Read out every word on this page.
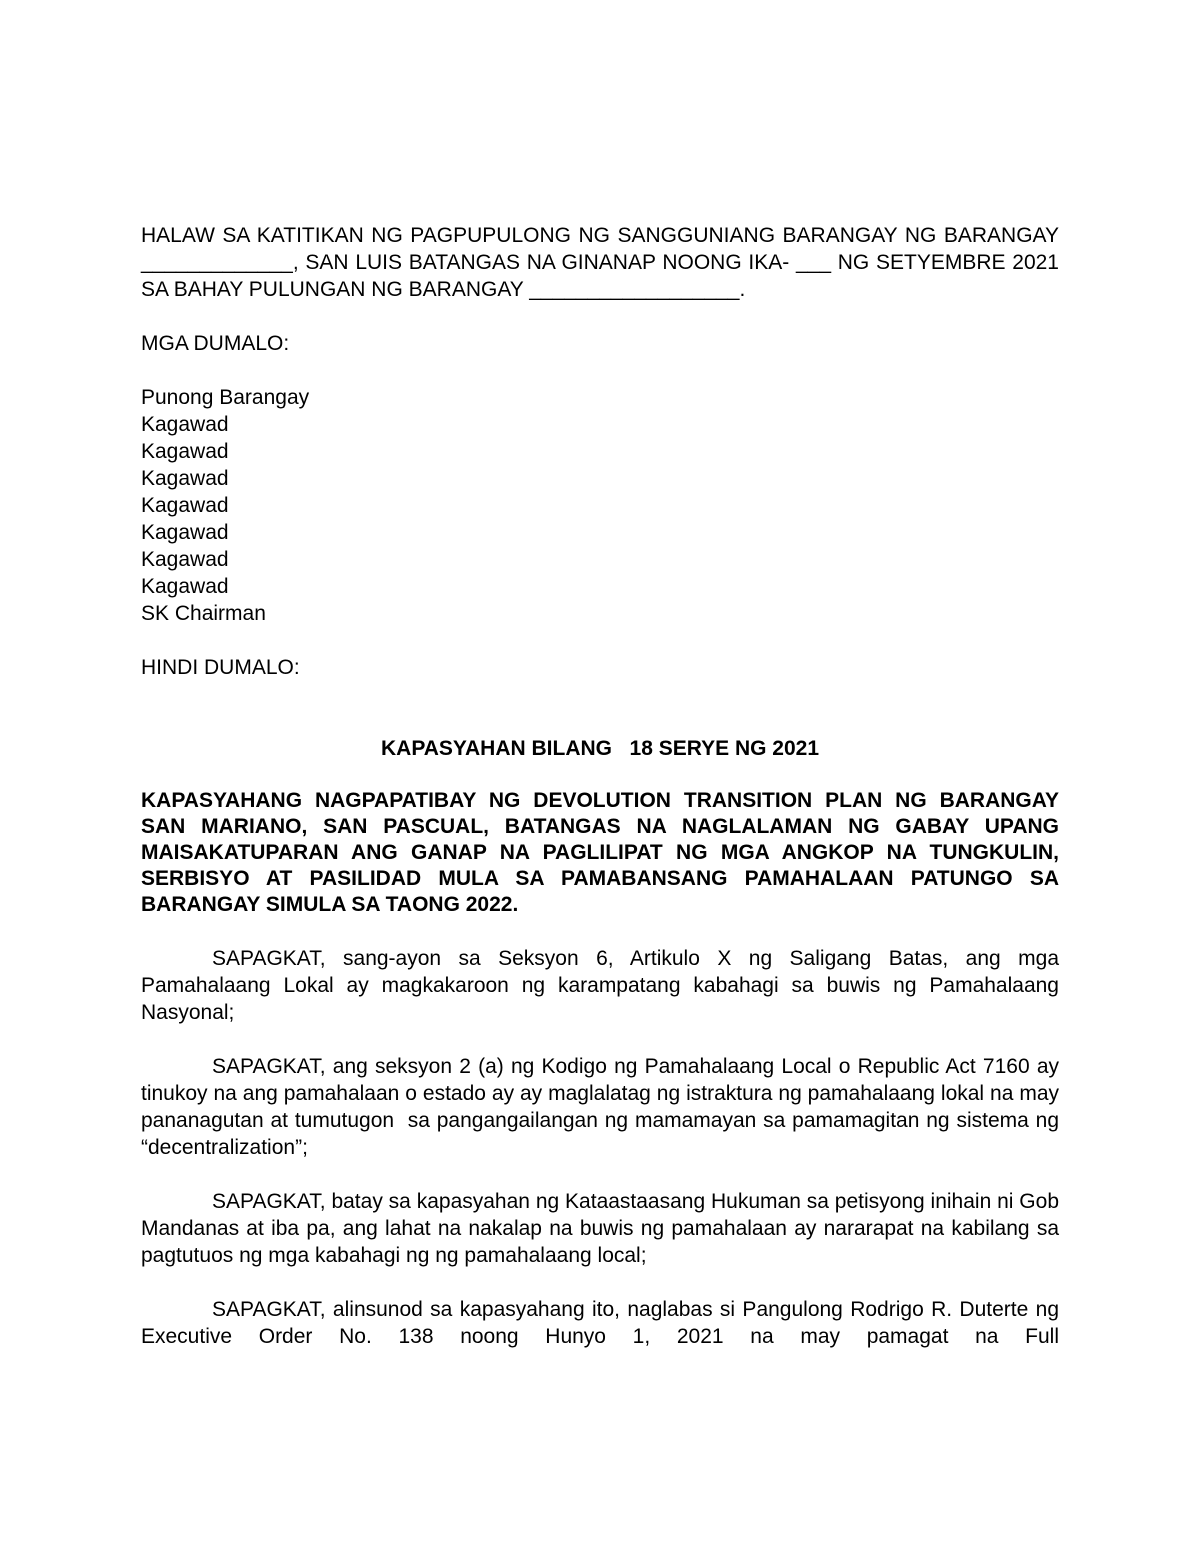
HALAW SA KATITIKAN NG PAGPUPULONG NG SANGGUNIANG BARANGAY NG BARANGAY _____________, SAN LUIS BATANGAS NA GINANAP NOONG IKA- ___ NG SETYEMBRE 2021 SA BAHAY PULUNGAN NG BARANGAY __________________.

MGA DUMALO:

Punong Barangay
Kagawad
Kagawad
Kagawad
Kagawad
Kagawad
Kagawad
Kagawad
SK Chairman

HINDI DUMALO:

KAPASYAHAN BILANG   18 SERYE NG 2021

KAPASYAHANG NAGPAPATIBAY NG DEVOLUTION TRANSITION PLAN NG BARANGAY  SAN MARIANO, SAN PASCUAL, BATANGAS NA NAGLALAMAN NG GABAY UPANG MAISAKATUPARAN ANG GANAP NA PAGLILIPAT NG MGA ANGKOP NA TUNGKULIN, SERBISYO AT PASILIDAD MULA SA PAMABANSANG PAMAHALAAN PATUNGO SA BARANGAY SIMULA SA TAONG 2022.

SAPAGKAT, sang-ayon sa Seksyon 6, Artikulo X ng Saligang Batas, ang mga Pamahalaang Lokal ay magkakaroon ng karampatang kabahagi sa buwis ng Pamahalaang Nasyonal;

SAPAGKAT, ang seksyon 2 (a) ng Kodigo ng Pamahalaang Local o Republic Act 7160 ay tinukoy na ang pamahalaan o estado ay ay maglalatag ng istraktura ng pamahalaang lokal na may pananagutan at tumutugon  sa pangangailangan ng mamamayan sa pamamagitan ng sistema ng “decentralization”;

SAPAGKAT, batay sa kapasyahan ng Kataastaasang Hukuman sa petisyong inihain ni Gob Mandanas at iba pa, ang lahat na nakalap na buwis ng pamahalaan ay nararapat na kabilang sa pagtutuos ng mga kabahagi ng ng pamahalaang local;

SAPAGKAT, alinsunod sa kapasyahang ito, naglabas si Pangulong Rodrigo R. Duterte ng Executive Order No. 138 noong Hunyo 1, 2021 na may pamagat na Full
